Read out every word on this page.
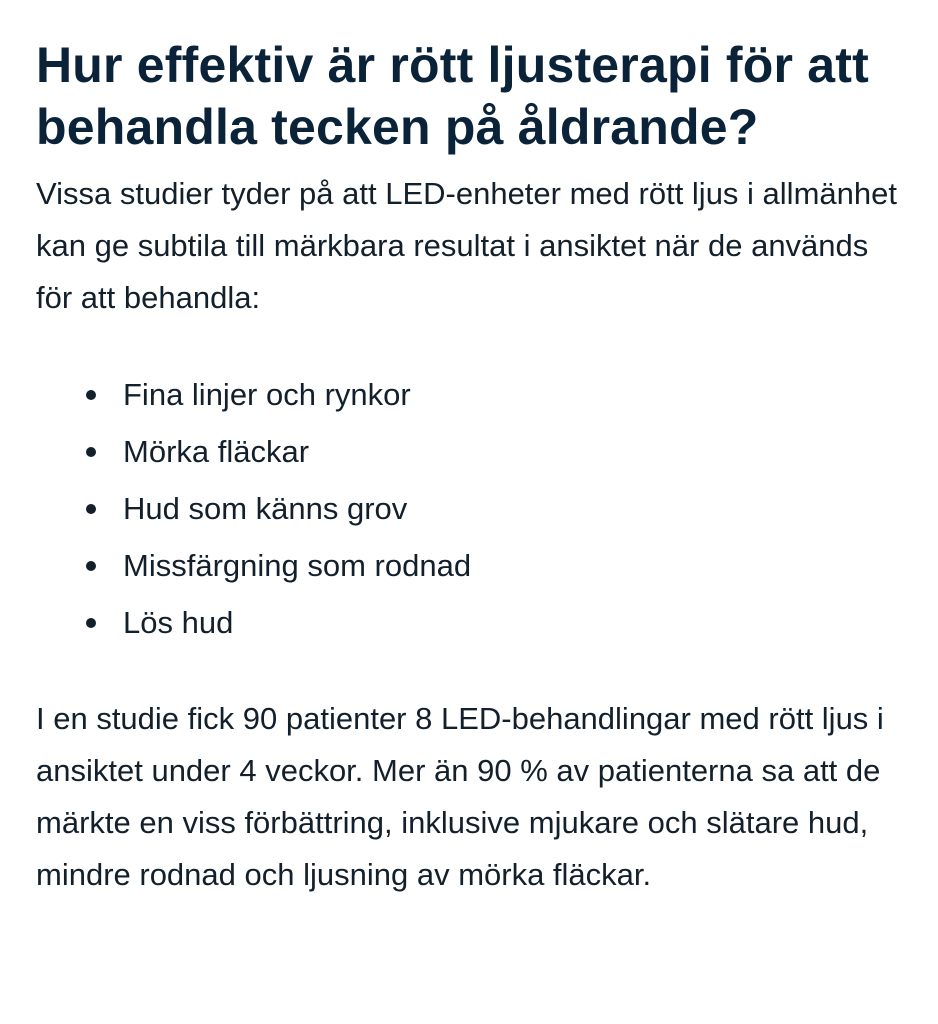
Hur effektiv är rött ljusterapi för att behandla tecken på åldrande?

Vissa studier tyder på att LED-enheter med rött ljus i allmänhet kan ge subtila till märkbara resultat i ansiktet när de används för att behandla:

Fina linjer och rynkor
Mörka fläckar
Hud som känns grov
Missfärgning som rodnad
Lös hud

I en studie fick 90 patienter 8 LED-behandlingar med rött ljus i ansiktet under 4 veckor. Mer än 90 % av patienterna sa att de märkte en viss förbättring, inklusive mjukare och slätare hud, mindre rodnad och ljusning av mörka fläckar.
